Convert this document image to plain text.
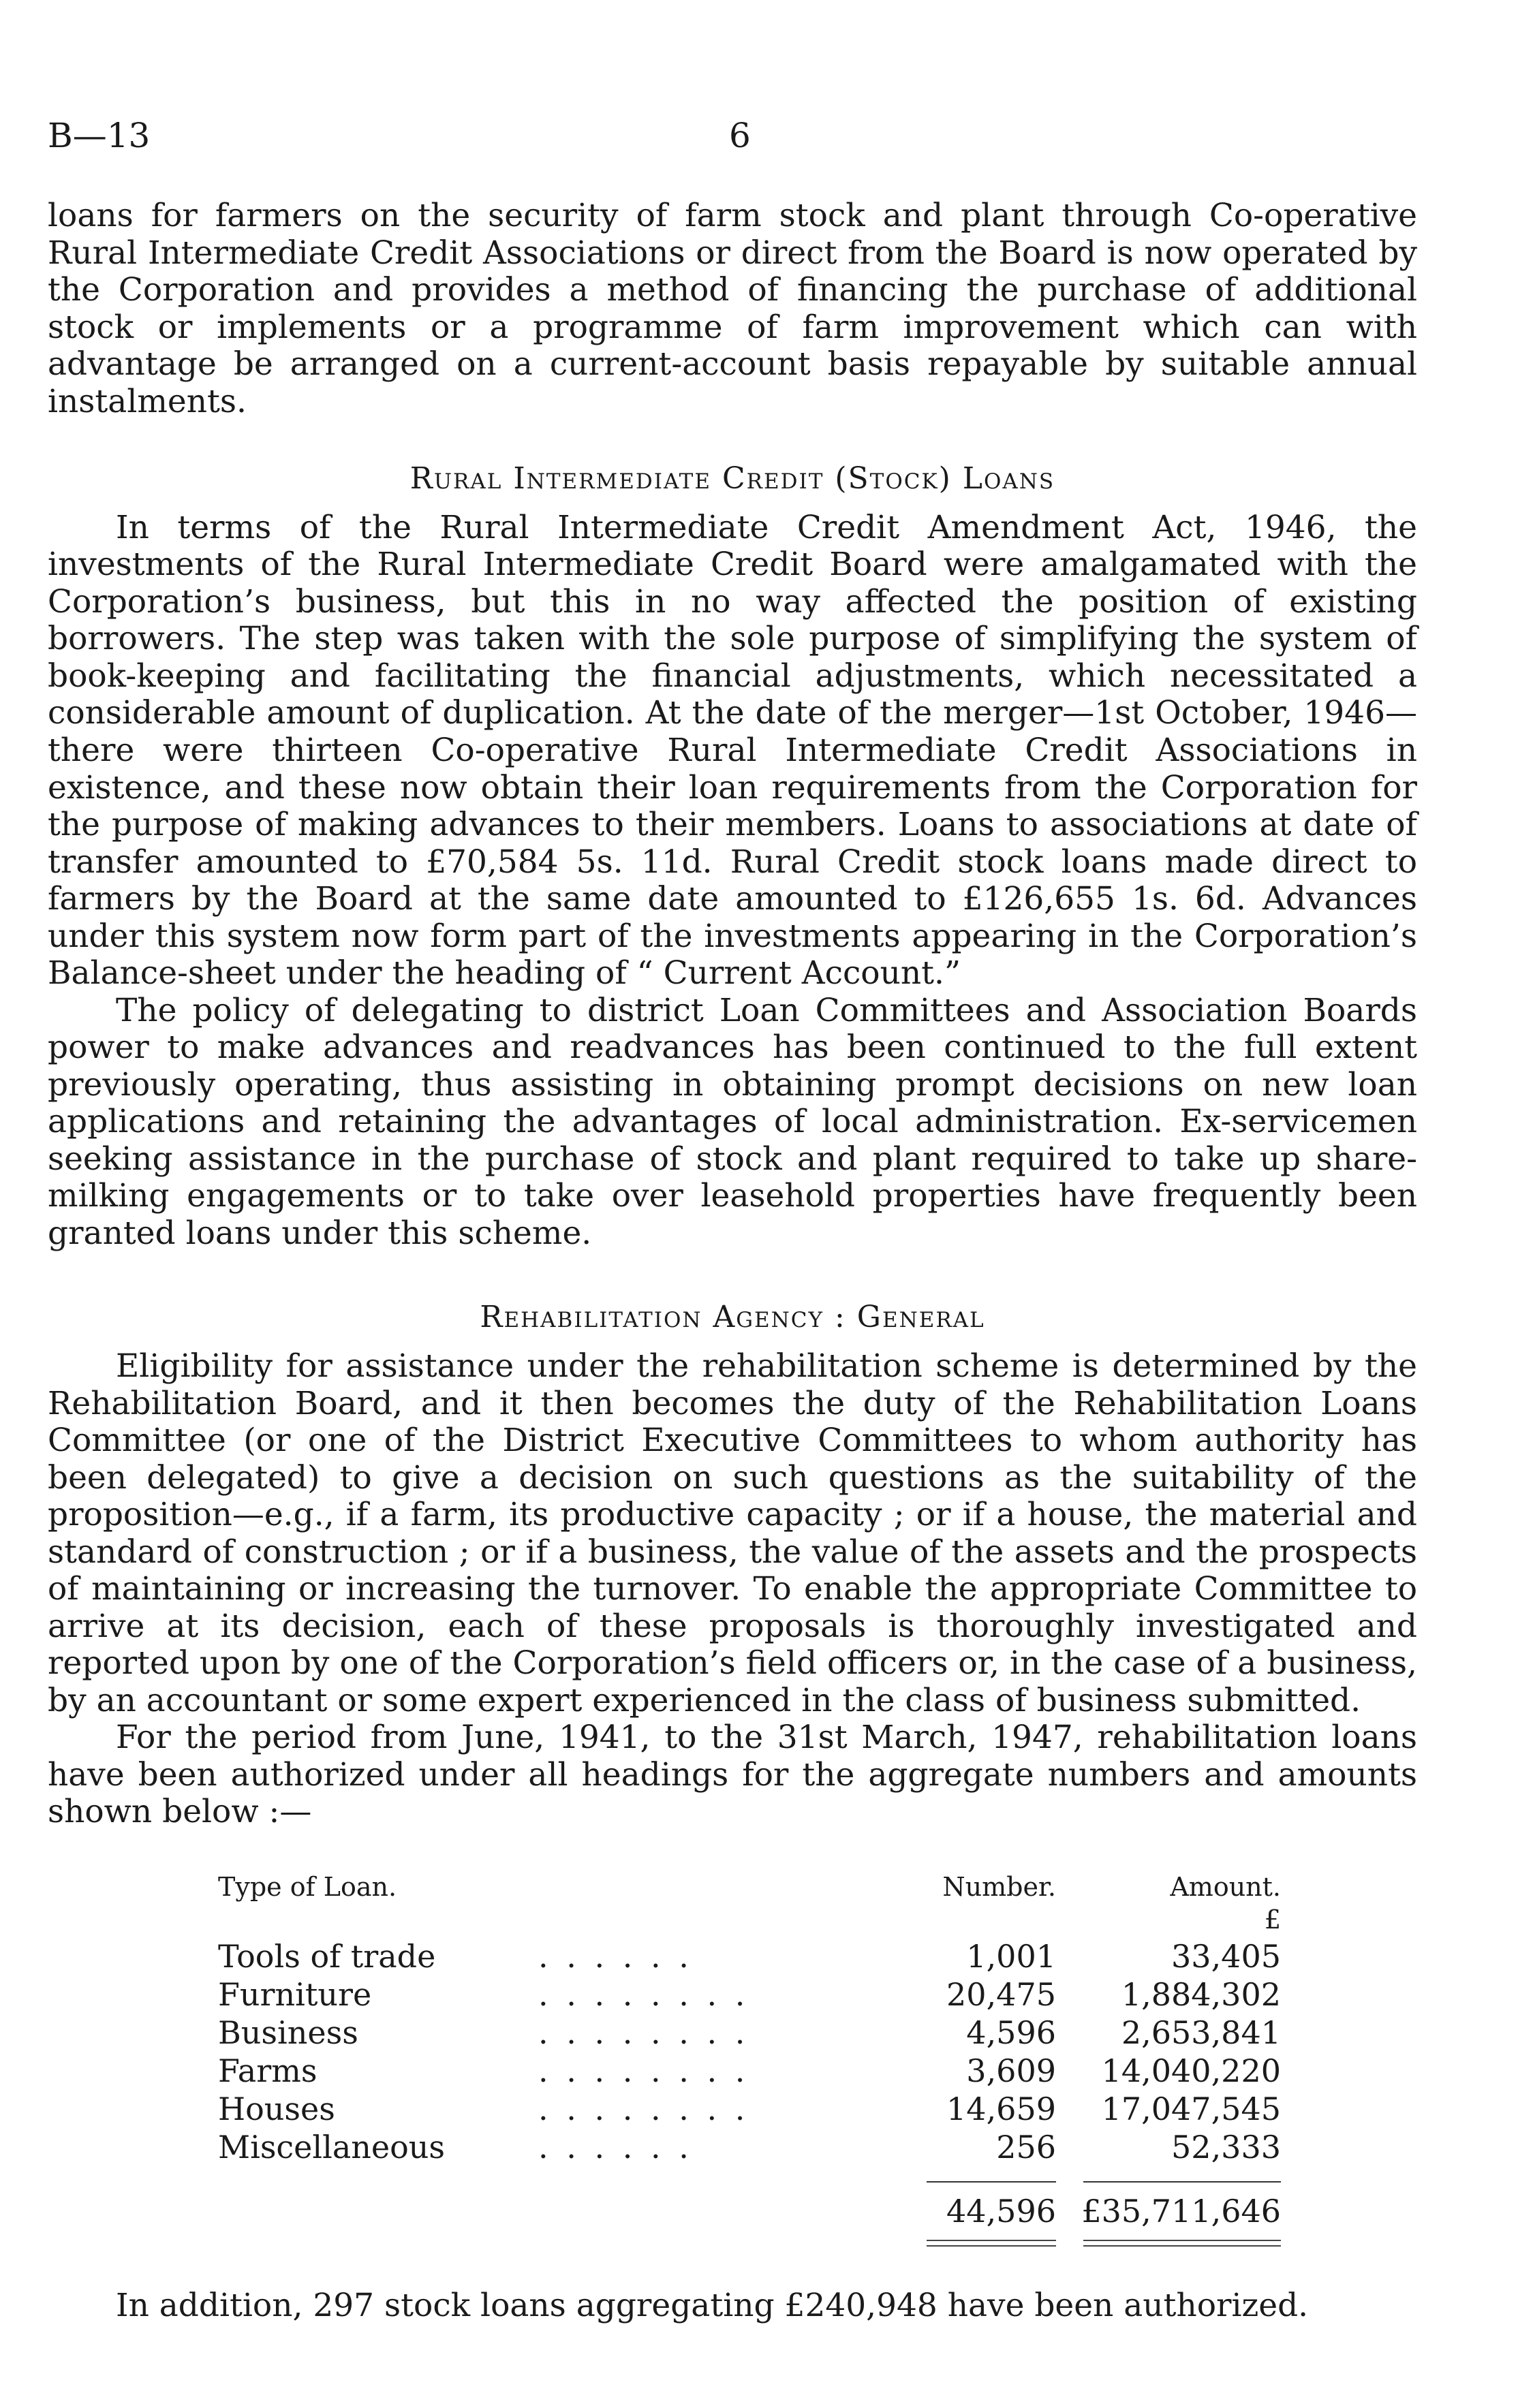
B—13	6

loans for farmers on the security of farm stock and plant through Co-operative Rural Intermediate Credit Associations or direct from the Board is now operated by the Corporation and provides a method of financing the purchase of additional stock or implements or a programme of farm improvement which can with advantage be arranged on a current-account basis repayable by suitable annual instalments.

Rural Intermediate Credit (Stock) Loans

In terms of the Rural Intermediate Credit Amendment Act, 1946, the investments of the Rural Intermediate Credit Board were amalgamated with the Corporation’s business, but this in no way affected the position of existing borrowers. The step was taken with the sole purpose of simplifying the system of book-keeping and facilitating the financial adjustments, which necessitated a considerable amount of duplication. At the date of the merger—1st October, 1946—there were thirteen Co-operative Rural Intermediate Credit Associations in existence, and these now obtain their loan requirements from the Corporation for the purpose of making advances to their members. Loans to associations at date of transfer amounted to £70,584 5s. 11d. Rural Credit stock loans made direct to farmers by the Board at the same date amounted to £126,655 1s. 6d. Advances under this system now form part of the investments appearing in the Corporation’s Balance-sheet under the heading of “ Current Account.”

The policy of delegating to district Loan Committees and Association Boards power to make advances and readvances has been continued to the full extent previously operating, thus assisting in obtaining prompt decisions on new loan applications and retaining the advantages of local administration. Ex-servicemen seeking assistance in the purchase of stock and plant required to take up share-milking engagements or to take over leasehold properties have frequently been granted loans under this scheme.

Rehabilitation Agency : General

Eligibility for assistance under the rehabilitation scheme is determined by the Rehabilitation Board, and it then becomes the duty of the Rehabilitation Loans Committee (or one of the District Executive Committees to whom authority has been delegated) to give a decision on such questions as the suitability of the proposition—e.g., if a farm, its productive capacity ; or if a house, the material and standard of construction ; or if a business, the value of the assets and the prospects of maintaining or increasing the turnover. To enable the appropriate Committee to arrive at its decision, each of these proposals is thoroughly investigated and reported upon by one of the Corporation’s field officers or, in the case of a business, by an accountant or some expert experienced in the class of business submitted.

For the period from June, 1941, to the 31st March, 1947, rehabilitation loans have been authorized under all headings for the aggregate numbers and amounts shown below :—

Type of Loan.		Number.	Amount.
			£
Tools of trade	. . . . . .	1,001	33,405
Furniture	. . . . . . . .	20,475	1,884,302
Business	. . . . . . . .	4,596	2,653,841
Farms	. . . . . . . .	3,609	14,040,220
Houses	. . . . . . . .	14,659	17,047,545
Miscellaneous	. . . . . .	256	52,333

		44,596	£35,711,646

In addition, 297 stock loans aggregating £240,948 have been authorized.
